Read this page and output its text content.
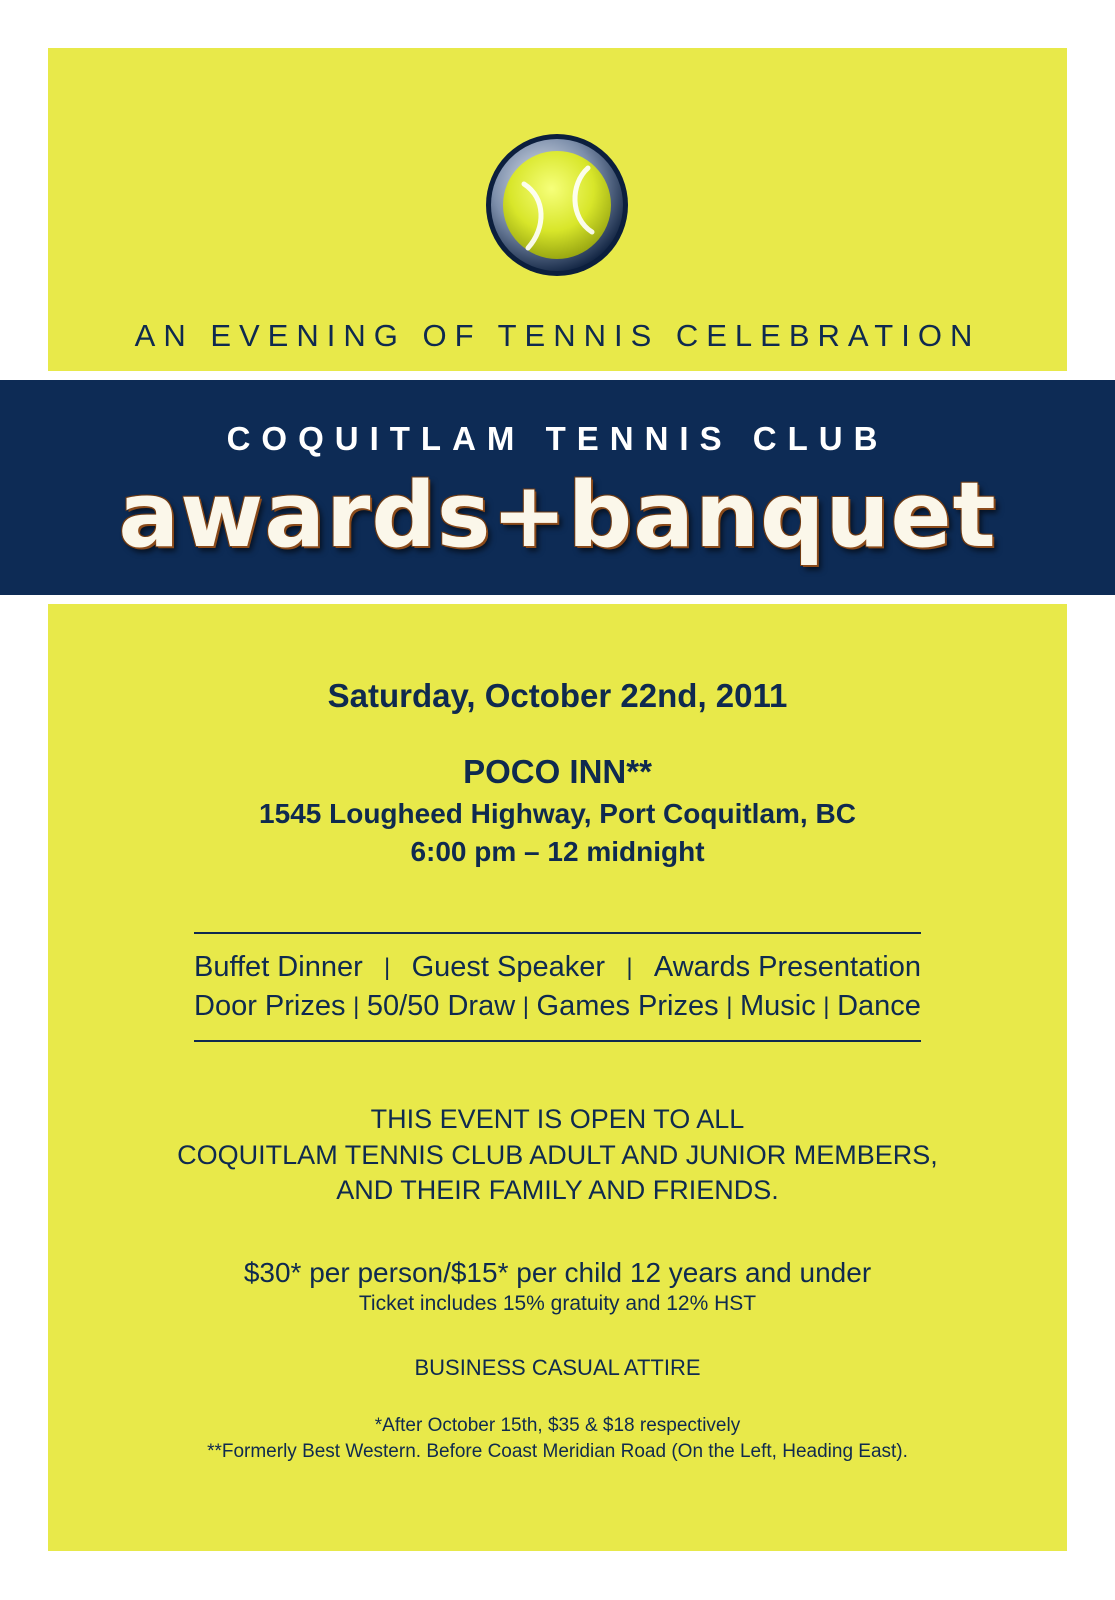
AN EVENING OF TENNIS CELEBRATION
COQUITLAM TENNIS CLUB
awards+banquet
Saturday, October 22nd, 2011
POCO INN**
1545 Lougheed Highway, Port Coquitlam, BC
6:00 pm – 12 midnight
Buffet Dinner | Guest Speaker | Awards Presentation
Door Prizes | 50/50 Draw | Games Prizes | Music | Dance
THIS EVENT IS OPEN TO ALL
COQUITLAM TENNIS CLUB ADULT AND JUNIOR MEMBERS,
AND THEIR FAMILY AND FRIENDS.
$30* per person/$15* per child 12 years and under
Ticket includes 15% gratuity and 12% HST
BUSINESS CASUAL ATTIRE
*After October 15th, $35 & $18 respectively
**Formerly Best Western. Before Coast Meridian Road (On the Left, Heading East).
